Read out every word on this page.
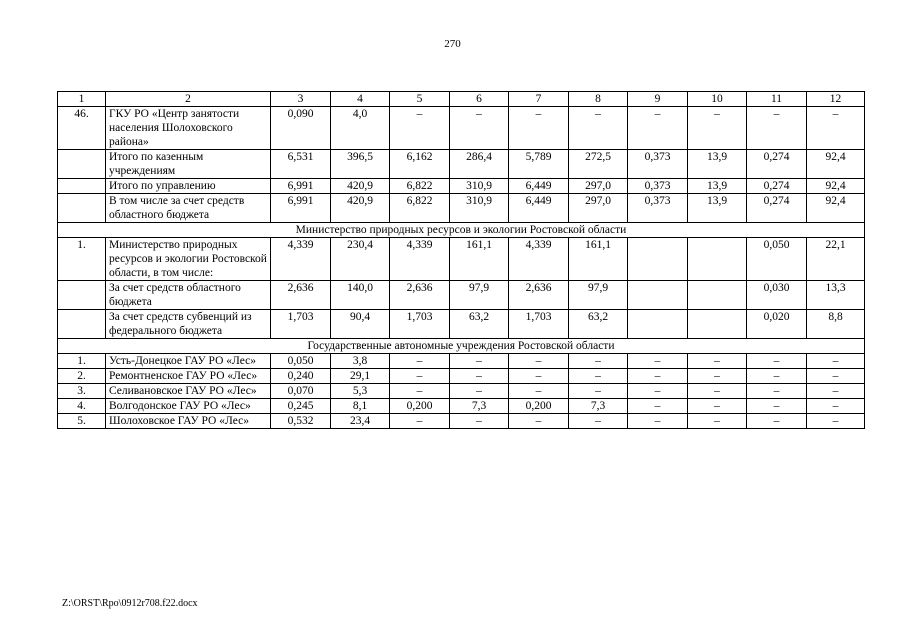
270
1	2	3	4	5	6	7	8	9	10	11	12
46.	ГКУ РО «Центр занятости населения Шолоховского района»	0,090	4,0	–	–	–	–	–	–	–	–
	Итого по казенным учреждениям	6,531	396,5	6,162	286,4	5,789	272,5	0,373	13,9	0,274	92,4
	Итого по управлению	6,991	420,9	6,822	310,9	6,449	297,0	0,373	13,9	0,274	92,4
	В том числе за счет средств областного бюджета	6,991	420,9	6,822	310,9	6,449	297,0	0,373	13,9	0,274	92,4
Министерство природных ресурсов и экологии Ростовской области											
1.	Министерство природных ресурсов и экологии Ростовской области, в том числе:	4,339	230,4	4,339	161,1	4,339	161,1			0,050	22,1
	За счет средств областного бюджета	2,636	140,0	2,636	97,9	2,636	97,9			0,030	13,3
	За счет средств субвенций из федерального бюджета	1,703	90,4	1,703	63,2	1,703	63,2			0,020	8,8
Государственные автономные учреждения Ростовской области											
1.	Усть-Донецкое ГАУ РО «Лес»	0,050	3,8	–	–	–	–	–	–	–	–
2.	Ремонтненское ГАУ РО «Лес»	0,240	29,1	–	–	–	–	–	–	–	–
3.	Селивановское ГАУ РО «Лес»	0,070	5,3	–	–	–	–	–	–	–	–
4.	Волгодонское ГАУ РО «Лес»	0,245	8,1	0,200	7,3	0,200	7,3	–	–	–	–
5.	Шолоховское ГАУ РО «Лес»	0,532	23,4	–	–	–	–	–	–	–	–
Z:\ORST\Rpo\0912r708.f22.docx
